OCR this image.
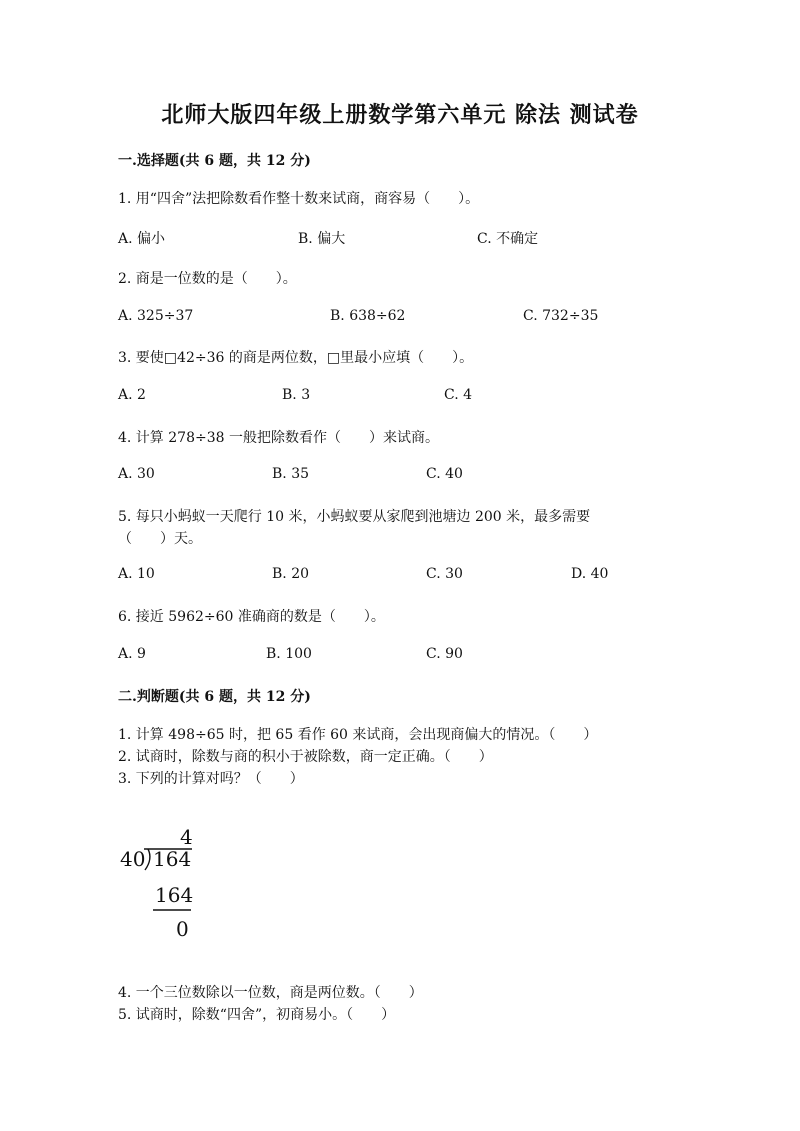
北师大版四年级上册数学第六单元 除法 测试卷
一.选择题(共 6 题，共 12 分)
1. 用“四舍”法把除数看作整十数来试商，商容易（　　）。
A. 偏小	B. 偏大	C. 不确定
2. 商是一位数的是（　　）。
A. 325÷37	B. 638÷62	C. 732÷35
3. 要使□42÷36 的商是两位数，□里最小应填（　　）。
A. 2	B. 3	C. 4
4. 计算 278÷38 一般把除数看作（　　）来试商。
A. 30	B. 35	C. 40
5. 每只小蚂蚁一天爬行 10 米，小蚂蚁要从家爬到池塘边 200 米，最多需要
（　　）天。
A. 10	B. 20	C. 30	D. 40
6. 接近 5962÷60 准确商的数是（　　）。
A. 9	B. 100	C. 90
二.判断题(共 6 题，共 12 分)
1. 计算 498÷65 时，把 65 看作 60 来试商，会出现商偏大的情况。（　　）
2. 试商时，除数与商的积小于被除数，商一定正确。（　　）
3. 下列的计算对吗？（　　）
4
40 164
164
0
4. 一个三位数除以一位数，商是两位数。（　　）
5. 试商时，除数“四舍”，初商易小。（　　）
